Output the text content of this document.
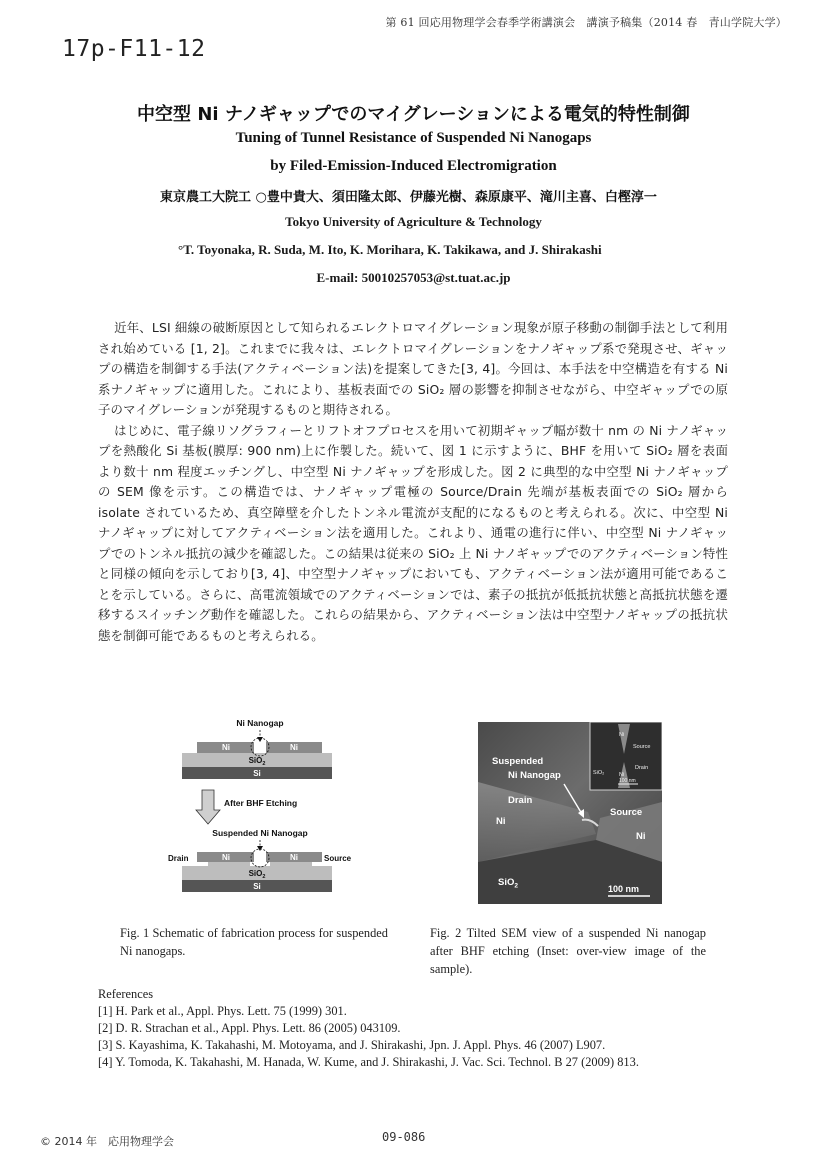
第 61 回応用物理学会春季学術講演会　講演予稿集（2014 春　青山学院大学）
17p-F11-12
中空型 Ni ナノギャップでのマイグレーションによる電気的特性制御
Tuning of Tunnel Resistance of Suspended Ni Nanogaps
by Filed-Emission-Induced Electromigration
東京農工大院工 ○豊中貴大、須田隆太郎、伊藤光樹、森原康平、滝川主喜、白樫淳一
Tokyo University of Agriculture & Technology
°T. Toyonaka, R. Suda, M. Ito, K. Morihara, K. Takikawa, and J. Shirakashi
E-mail: 50010257053@st.tuat.ac.jp

近年、LSI 細線の破断原因として知られるエレクトロマイグレーション現象が原子移動の制御手法として利用され始めている [1, 2]。これまでに我々は、エレクトロマイグレーションをナノギャップ系で発現させ、ギャップの構造を制御する手法(アクティベーション法)を提案してきた[3, 4]。今回は、本手法を中空構造を有する Ni 系ナノギャップに適用した。これにより、基板表面での SiO₂ 層の影響を抑制させながら、中空ギャップでの原子のマイグレーションが発現するものと期待される。

はじめに、電子線リソグラフィーとリフトオフプロセスを用いて初期ギャップ幅が数十 nm の Ni ナノギャップを熱酸化 Si 基板(膜厚: 900 nm)上に作製した。続いて、図 1 に示すように、BHF を用いて SiO₂ 層を表面より数十 nm 程度エッチングし、中空型 Ni ナノギャップを形成した。図 2 に典型的な中空型 Ni ナノギャップの SEM 像を示す。この構造では、ナノギャップ電極の Source/Drain 先端が基板表面での SiO₂ 層から isolate されているため、真空障壁を介したトンネル電流が支配的になるものと考えられる。次に、中空型 Ni ナノギャップに対してアクティベーション法を適用した。これより、通電の進行に伴い、中空型 Ni ナノギャップでのトンネル抵抗の減少を確認した。この結果は従来の SiO₂ 上 Ni ナノギャップでのアクティベーション特性と同様の傾向を示しており[3, 4]、中空型ナノギャップにおいても、アクティベーション法が適用可能であることを示している。さらに、高電流領域でのアクティベーションでは、素子の抵抗が低抵抗状態と高抵抗状態を遷移するスイッチング動作を確認した。これらの結果から、アクティベーション法は中空型ナノギャップの抵抗状態を制御可能であるものと考えられる。

Ni Nanogap
Ni	Ni
SiO$_2$
Si
After BHF Etching
Suspended Ni Nanogap
Ni	Ni
Drain	Source
SiO$_2$
Si
Ni
Source
Drain
SiO₂	Ni
100 nm
Suspended
Ni Nanogap
Drain
Ni
Source
Ni
SiO$_2$	100 nm
Fig. 1 Schematic of fabrication process for suspended Ni nanogaps.
Fig. 2 Tilted SEM view of a suspended Ni nanogap after BHF etching (Inset: over-view image of the sample).
References
[1] H. Park et al., Appl. Phys. Lett. 75 (1999) 301.
[2] D. R. Strachan et al., Appl. Phys. Lett. 86 (2005) 043109.
[3] S. Kayashima, K. Takahashi, M. Motoyama, and J. Shirakashi, Jpn. J. Appl. Phys. 46 (2007) L907.
[4] Y. Tomoda, K. Takahashi, M. Hanada, W. Kume, and J. Shirakashi, J. Vac. Sci. Technol. B 27 (2009) 813.
© 2014 年　応用物理学会	09-086
